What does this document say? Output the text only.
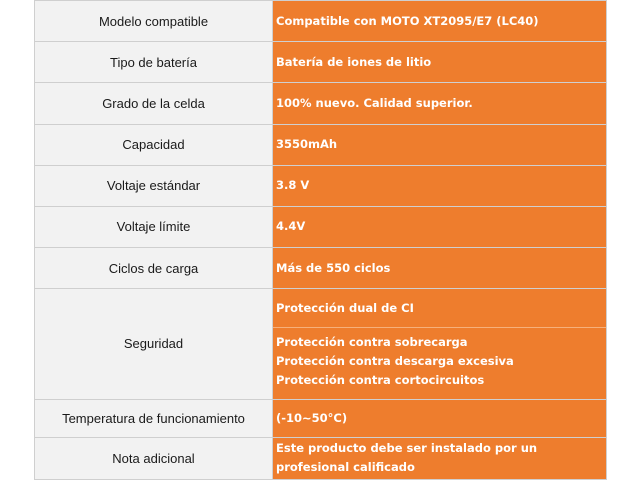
Modelo compatible	Compatible con MOTO XT2095/E7 (LC40)
Tipo de batería	Batería de iones de litio
Grado de la celda	100% nuevo. Calidad superior.
Capacidad	3550mAh
Voltaje estándar	3.8 V
Voltaje límite	4.4V
Ciclos de carga	Más de 550 ciclos
Seguridad	Protección dual de CI
Protección contra sobrecarga
Protección contra descarga excesiva
Protección contra cortocircuitos

Temperatura de funcionamiento	(-10~50°C)
Nota adicional	Este producto debe ser instalado por un
profesional calificado
